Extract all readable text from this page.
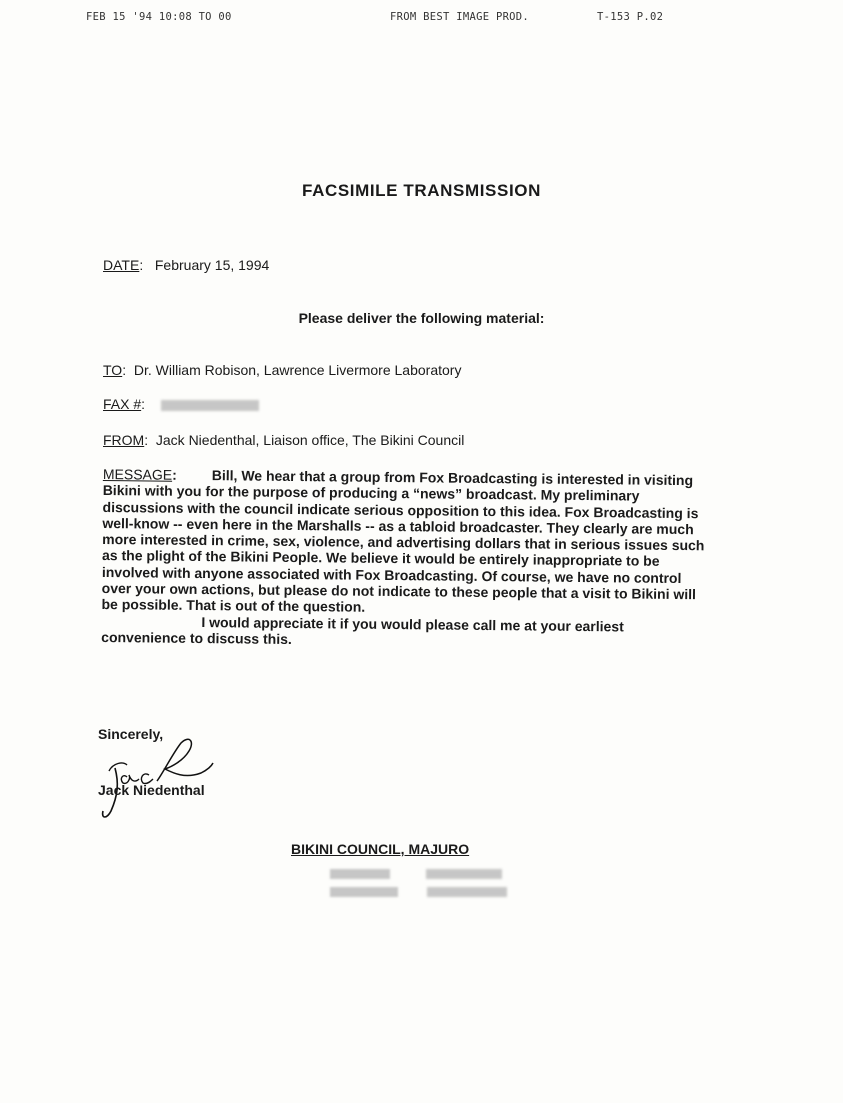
FEB 15 '94 10:08 TO 00	FROM BEST IMAGE PROD.	T-153 P.02
FACSIMILE TRANSMISSION
DATE:   February 15, 1994
Please deliver the following material:
TO:  Dr. William Robison, Lawrence Livermore Laboratory
FAX #:
FROM:  Jack Niedenthal, Liaison office, The Bikini Council
MESSAGE:         Bill, We hear that a group from Fox Broadcasting is interested in visiting Bikini with you for the purpose of producing a “news” broadcast. My preliminary discussions with the council indicate serious opposition to this idea. Fox Broadcasting is well-know -- even here in the Marshalls -- as a tabloid broadcaster. They clearly are much more interested in crime, sex, violence, and advertising dollars that in serious issues such as the plight of the Bikini People. We believe it would be entirely inappropriate to be involved with anyone associated with Fox Broadcasting. Of course, we have no control over your own actions, but please do not indicate to these people that a visit to Bikini will be possible. That is out of the question.
I would appreciate it if you would please call me at your earliest convenience to discuss this.
Sincerely,
Jack Niedenthal
BIKINI COUNCIL, MAJURO
